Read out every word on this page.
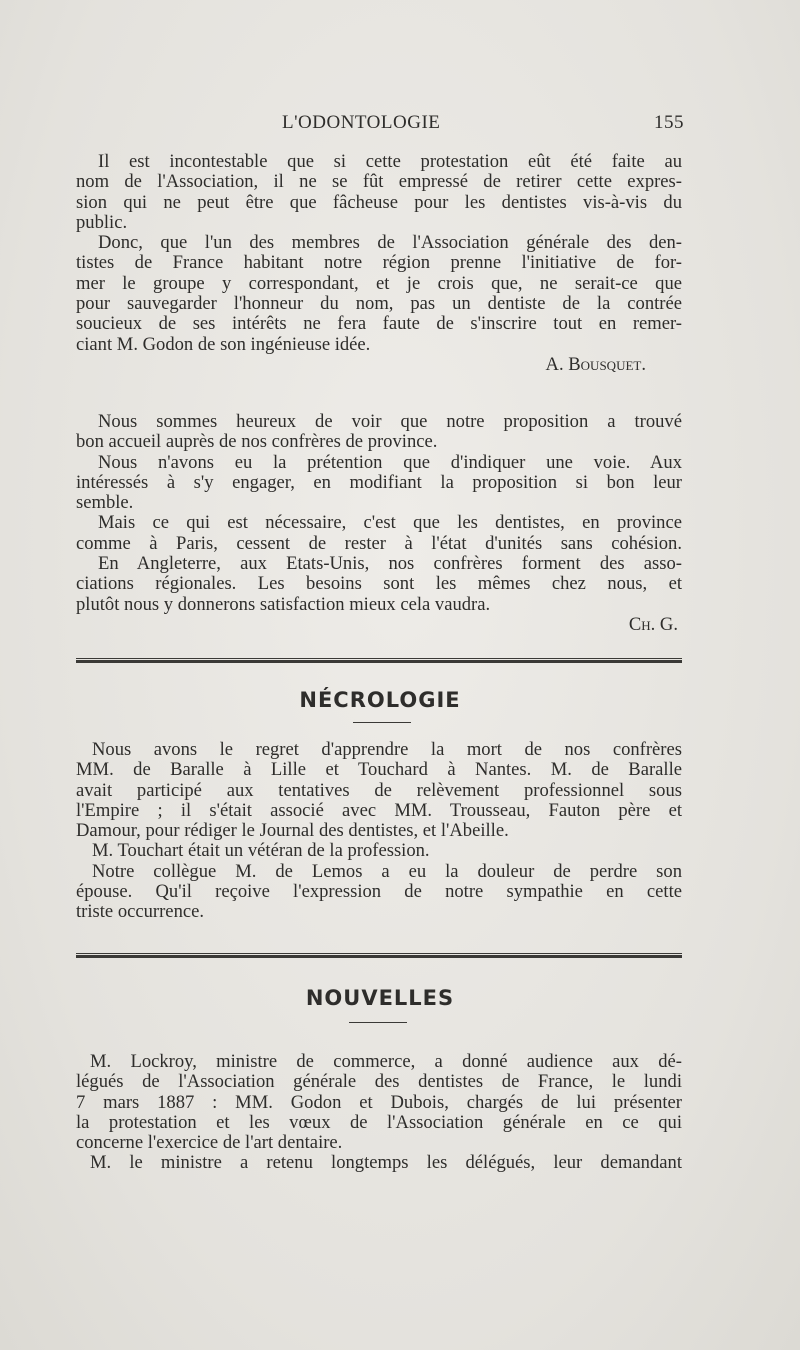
L'ODONTOLOGIE	155
Il est incontestable que si cette protestation eût été faite au
nom de l'Association, il ne se fût empressé de retirer cette expres-
sion qui ne peut être que fâcheuse pour les dentistes vis-à-vis du
public.
Donc, que l'un des membres de l'Association générale des den-
tistes de France habitant notre région prenne l'initiative de for-
mer le groupe y correspondant, et je crois que, ne serait-ce que
pour sauvegarder l'honneur du nom, pas un dentiste de la contrée
soucieux de ses intérêts ne fera faute de s'inscrire tout en remer-
ciant M. Godon de son ingénieuse idée.
A. Bousquet.
Nous sommes heureux de voir que notre proposition a trouvé
bon accueil auprès de nos confrères de province.
Nous n'avons eu la prétention que d'indiquer une voie. Aux
intéressés à s'y engager, en modifiant la proposition si bon leur
semble.
Mais ce qui est nécessaire, c'est que les dentistes, en province
comme à Paris, cessent de rester à l'état d'unités sans cohésion.
En Angleterre, aux Etats-Unis, nos confrères forment des asso-
ciations régionales. Les besoins sont les mêmes chez nous, et
plutôt nous y donnerons satisfaction mieux cela vaudra.
Ch. G.
NÉCROLOGIE
Nous avons le regret d'apprendre la mort de nos confrères
MM. de Baralle à Lille et Touchard à Nantes. M. de Baralle
avait participé aux tentatives de relèvement professionnel sous
l'Empire ; il s'était associé avec MM. Trousseau, Fauton père et
Damour, pour rédiger le Journal des dentistes, et l'Abeille.
M. Touchart était un vétéran de la profession.
Notre collègue M. de Lemos a eu la douleur de perdre son
épouse. Qu'il reçoive l'expression de notre sympathie en cette
triste occurrence.
NOUVELLES
M. Lockroy, ministre de commerce, a donné audience aux dé-
légués de l'Association générale des dentistes de France, le lundi
7 mars 1887 : MM. Godon et Dubois, chargés de lui présenter
la protestation et les vœux de l'Association générale en ce qui
concerne l'exercice de l'art dentaire.
M. le ministre a retenu longtemps les délégués, leur demandant
